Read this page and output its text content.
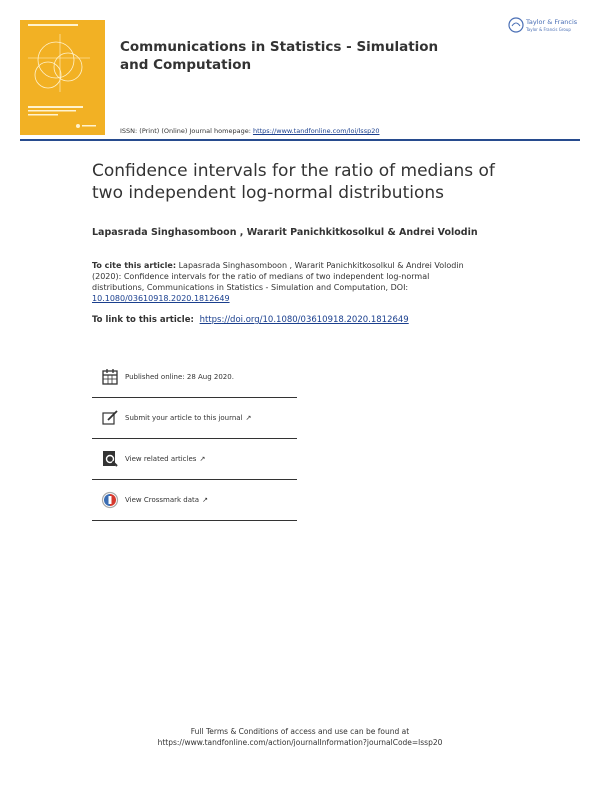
Communications in Statistics - Simulation and Computation
ISSN: (Print) (Online) Journal homepage: https://www.tandfonline.com/loi/lssp20
Taylor & Francis
Taylor & Francis Group
Confidence intervals for the ratio of medians of two independent log-normal distributions
Lapasrada Singhasomboon , Wararit Panichkitkosolkul & Andrei Volodin
To cite this article: Lapasrada Singhasomboon , Wararit Panichkitkosolkul & Andrei Volodin (2020): Confidence intervals for the ratio of medians of two independent log-normal distributions, Communications in Statistics - Simulation and Computation, DOI: 10.1080/03610918.2020.1812649
To link to this article: https://doi.org/10.1080/03610918.2020.1812649
Published online: 28 Aug 2020.
Submit your article to this journal ↗
View related articles ↗
View Crossmark data ↗
Full Terms & Conditions of access and use can be found at
https://www.tandfonline.com/action/journalInformation?journalCode=lssp20
